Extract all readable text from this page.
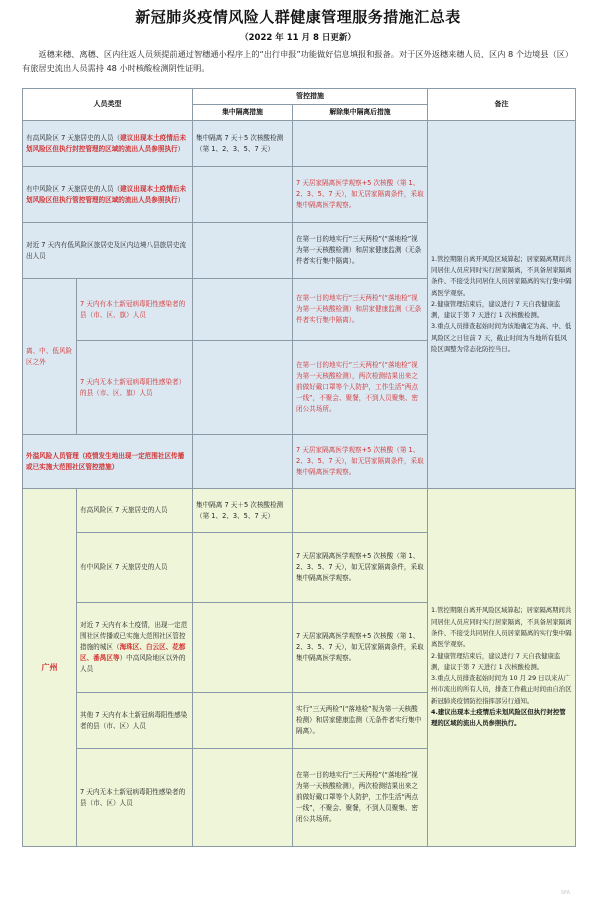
新冠肺炎疫情风险人群健康管理服务措施汇总表
（2022 年 11 月 8 日更新）
返穗来穗、离穗、区内往返人员须提前通过智穗通小程序上的“出行申报”功能做好信息填报和报备。对于区外返穗来穗人员、区内 8 个边境县（区）有旅居史流出人员需持 48 小时核酸检测阴性证明。
人员类型		管控措施		备注
		集中隔离措施	解除集中隔离后措施	
有高风险区 7 天旅居史的人员（建议出现本土疫情后未划风险区但执行封控管理的区域的流出人员参照执行）		集中隔离 7 天＋5 次核酸检测（第 1、2、3、5、7 天）		1.管控期限自离开风险区域算起；居家隔离期间共同居住人员应同时实行居家隔离，不具备居家隔离条件、不接受共同居住人员居家隔离的实行集中隔离医学观察。

2.健康管理结束后，建议进行 7 天自我健康监测，建议于第 7 天进行 1 次核酸检测。

3.重点人员排查起始时间为该地确定为高、中、低风险区之日往前 7 天，截止时间为当地所有低风险区调整为常态化防控当日。

有中风险区 7 天旅居史的人员（建议出现本土疫情后未划风险区但执行管控管理的区域的流出人员参照执行）			7 天居家隔离医学观察+5 次核酸（第 1、2、3、5、7 天），如无居家隔离条件，采取集中隔离医学观察。	
对近 7 天内有低风险区旅居史及区内边境八县旅居史流出人员			在第一目的地实行“三天两检”(“落地检”视为第一天核酸检测）和居家健康监测（无条件者实行集中隔离）。	
离、中、低风险区之外	7 天内有本土新冠病毒阳性感染者的县（市、区、旗）人员		在第一目的地实行“三天两检”(“落地检”视为第一天核酸检测）和居家健康监测（无条件者实行集中隔离）。	
	7 天内无本土新冠病毒阳性感染者）的县（市、区、旗）人员		在第一目的地实行“三天两检”(“落地检”视为第一天核酸检测），两次检测结果出来之前做好戴口罩等个人防护，工作生活“两点一线”，不聚会、聚餐，不到人员聚集、密闭公共场所。	
外溢风险人员管理（疫情发生地出现一定范围社区传播或已实施大范围社区管控措施）			7 天居家隔离医学观察+5 次核酸（第 1、2、3、5、7 天），如无居家隔离条件，采取集中隔离医学观察。	
广州	有高风险区 7 天旅居史的人员	集中隔离 7 天＋5 次核酸检测（第 1、2、3、5、7 天）		1.管控期限自离开风险区域算起；居家隔离期间共同居住人员应同时实行居家隔离，不具备居家隔离条件、不接受共同居住人员居家隔离的实行集中隔离医学观察。

2.健康管理结束后，建议进行 7 天自我健康监测，建议于第 7 天进行 1 次核酸检测。

3.重点人员排查起始时间为 10 月 29 日以来从广州市流出的所有人员，排查工作截止时间由自治区新冠肺炎疫情防控指挥部另行通知。

4.建议出现本土疫情后未划风险区但执行封控管理的区域的流出人员参照执行。

	有中风险区 7 天旅居史的人员		7 天居家隔离医学观察+5 次核酸（第 1、2、3、5、7 天），如无居家隔离条件，采取集中隔离医学观察。	
	对近 7 天内有本土疫情，出现一定范围社区传播或已实施大范围社区管控措施的城区（海珠区、白云区、花都区、番禺区等）中高风险地区以外的人员		7 天居家隔离医学观察+5 次核酸（第 1、2、3、5、7 天），如无居家隔离条件，采取集中隔离医学观察。	
	其他 7 天内有本土新冠病毒阳性感染者的县（市、区）人员		实行“三天两检”(“落地检”视为第一天核酸检测）和居家健康监测（无条件者实行集中隔离）。	
	7 天内无本土新冠病毒阳性感染者的县（市、区）人员		在第一目的地实行“三天两检”(“落地检”视为第一天核酸检测），两次检测结果出来之前做好戴口罩等个人防护，工作生活“两点一线”，不聚会、聚餐，不到人员聚集、密闭公共场所。	
SPA
